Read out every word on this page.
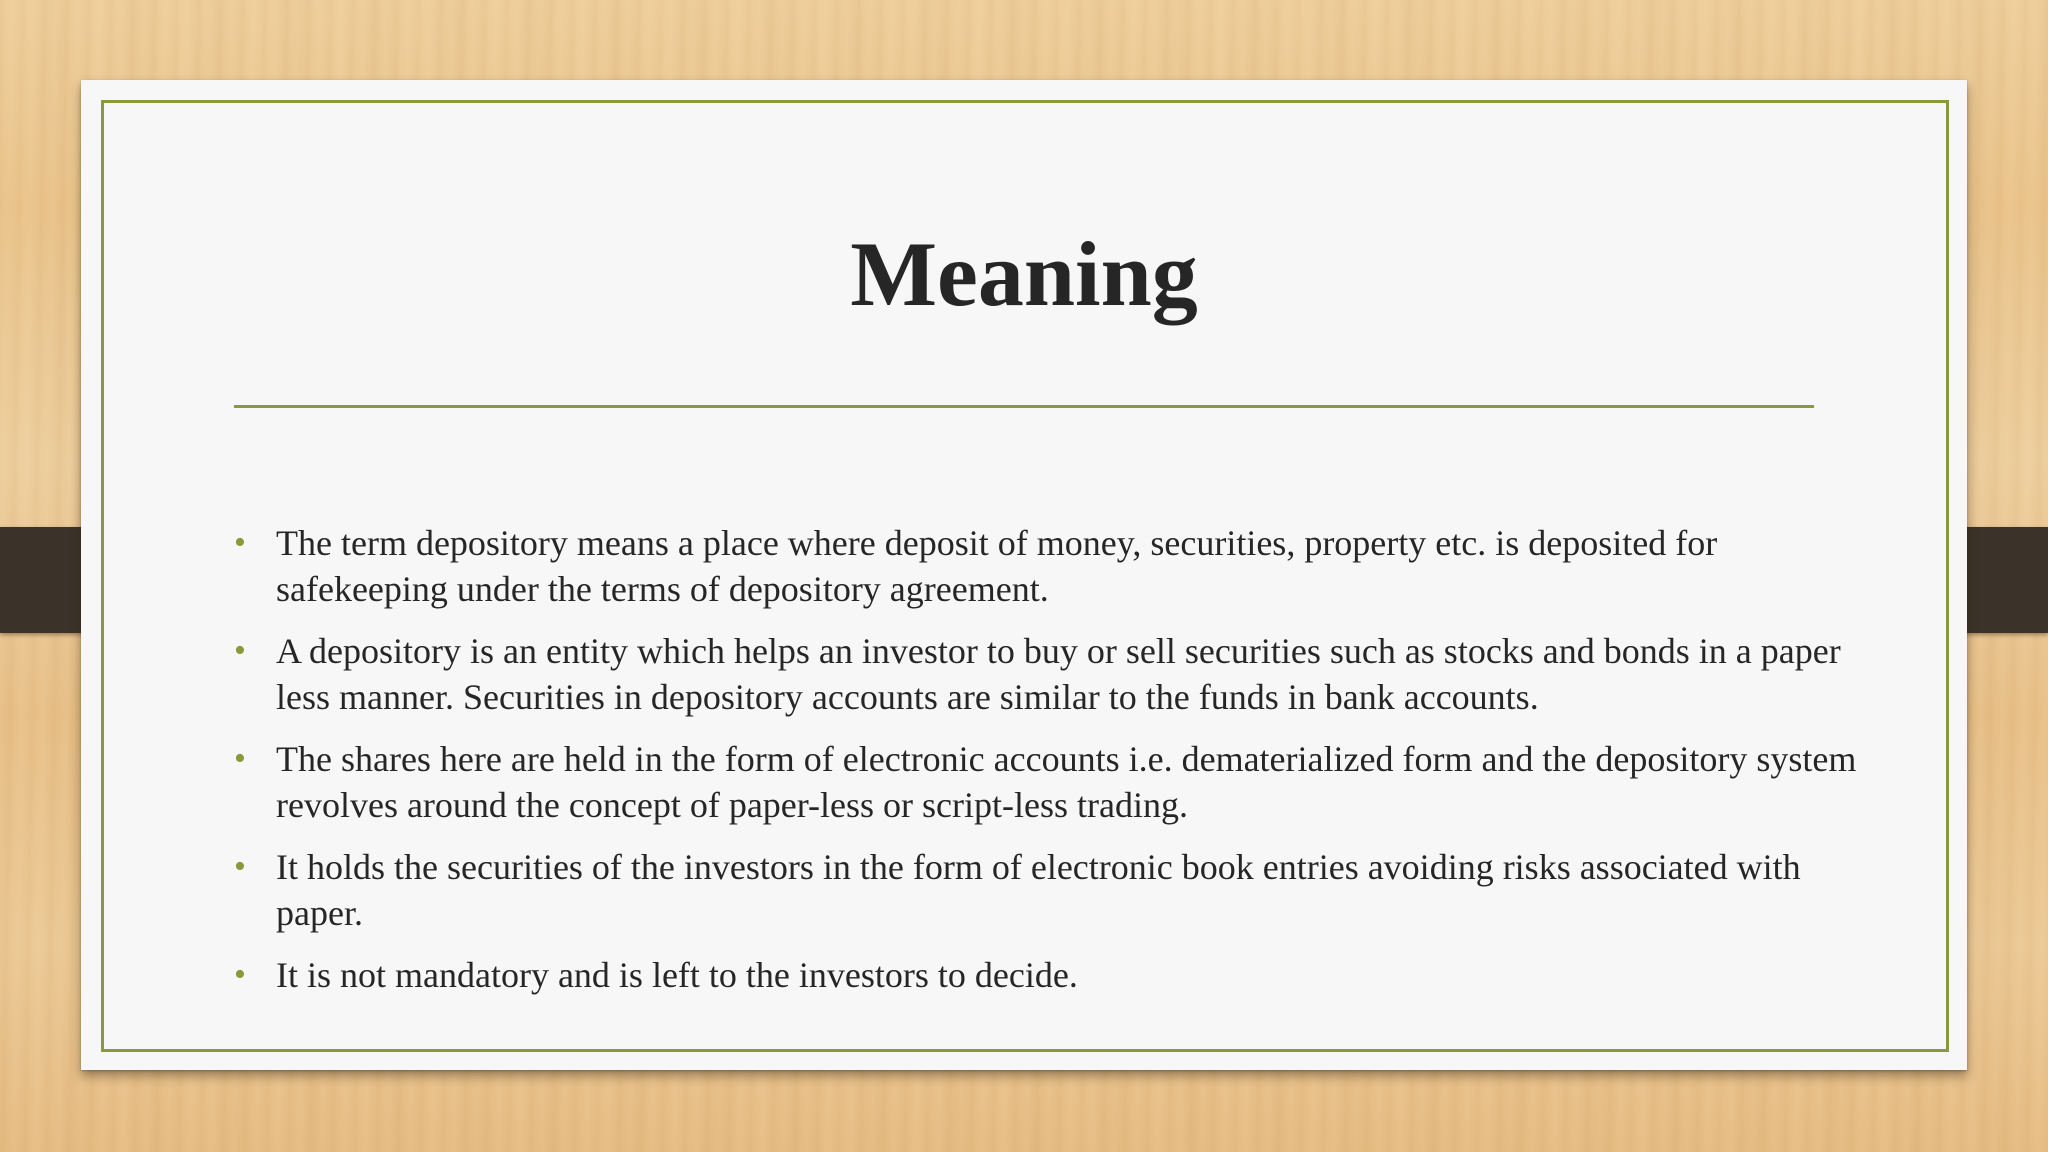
Meaning
• The term depository means a place where deposit of money, securities, property etc. is deposited for safekeeping under the terms of depository agreement.
• A depository is an entity which helps an investor to buy or sell securities such as stocks and bonds in a paper less manner. Securities in depository accounts are similar to the funds in bank accounts.
• The shares here are held in the form of electronic accounts i.e. dematerialized form and the depository system revolves around the concept of paper-less or script-less trading.
• It holds the securities of the investors in the form of electronic book entries avoiding risks associated with paper.
• It is not mandatory and is left to the investors to decide.
